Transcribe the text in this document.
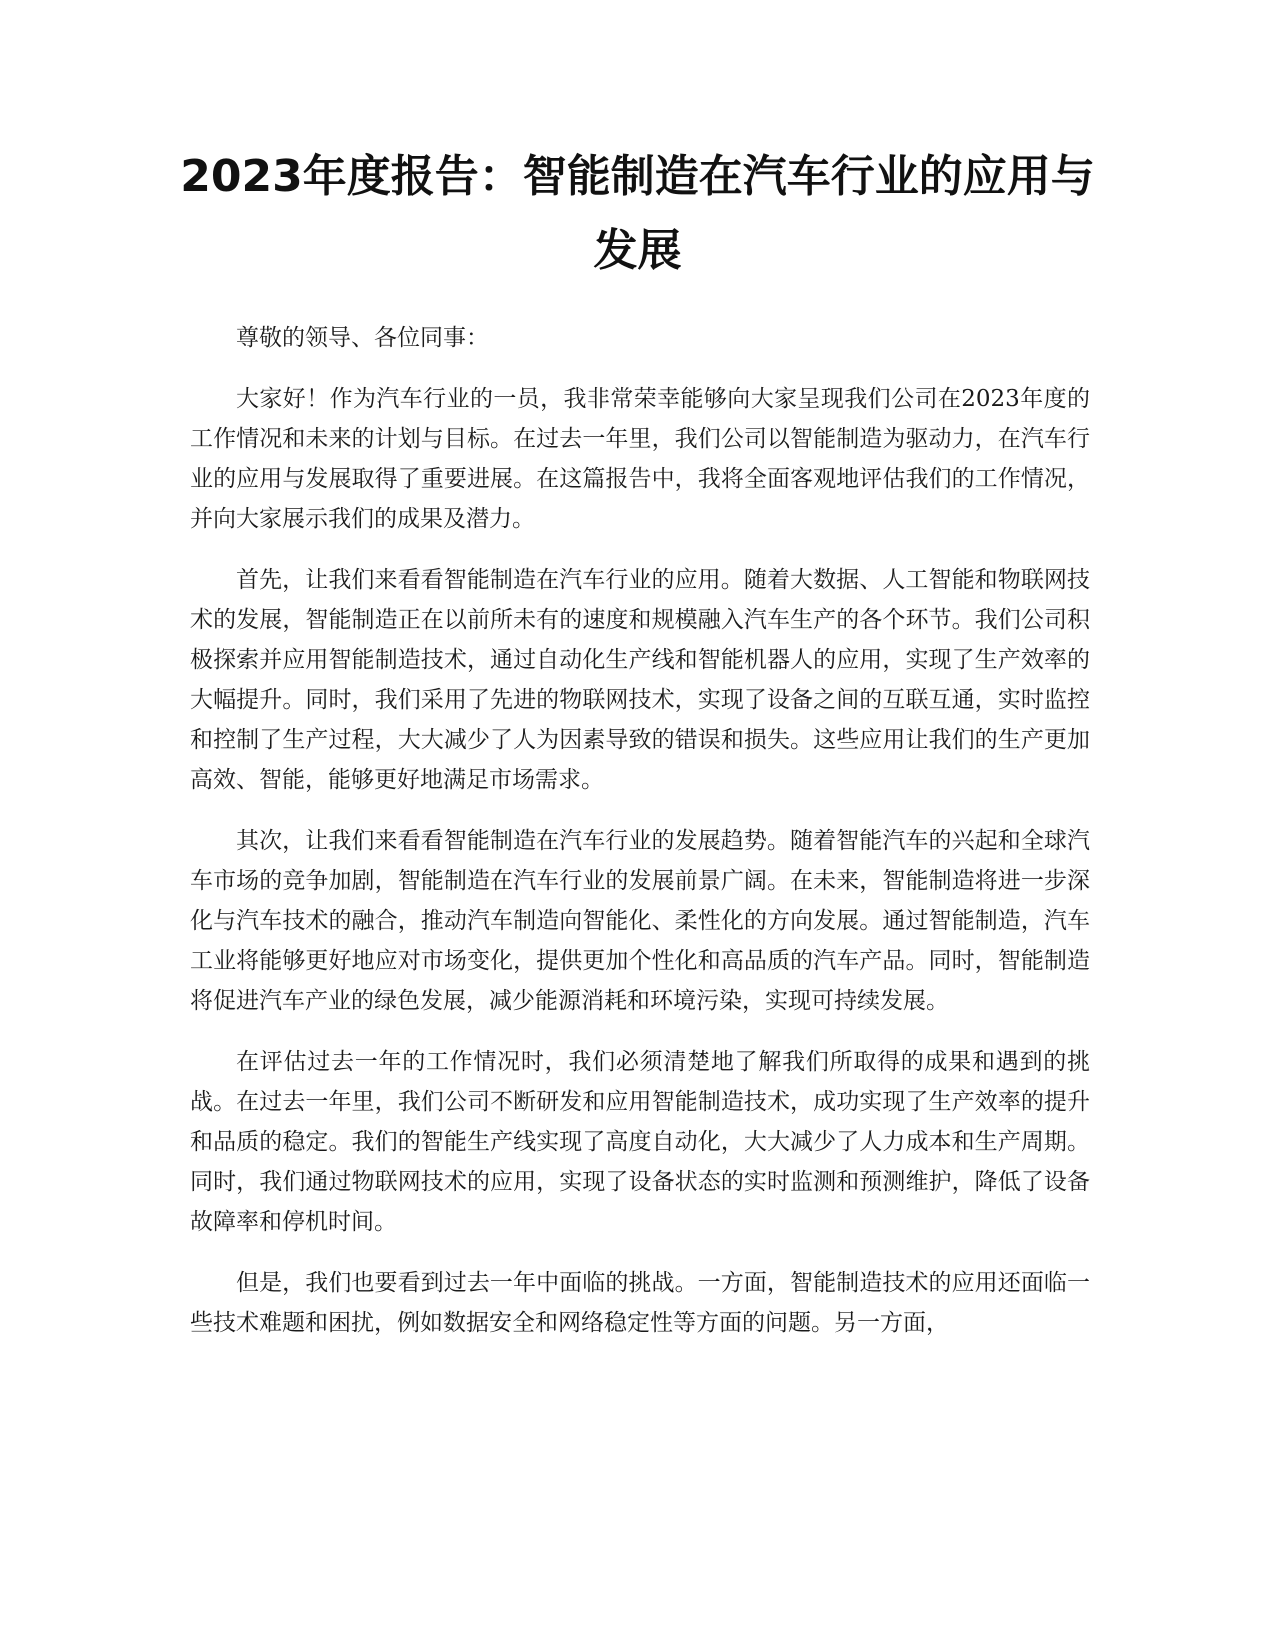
2023年度报告：智能制造在汽车行业的应用与发展

尊敬的领导、各位同事：

大家好！作为汽车行业的一员，我非常荣幸能够向大家呈现我们公司在2023年度的工作情况和未来的计划与目标。在过去一年里，我们公司以智能制造为驱动力，在汽车行业的应用与发展取得了重要进展。在这篇报告中，我将全面客观地评估我们的工作情况，并向大家展示我们的成果及潜力。

首先，让我们来看看智能制造在汽车行业的应用。随着大数据、人工智能和物联网技术的发展，智能制造正在以前所未有的速度和规模融入汽车生产的各个环节。我们公司积极探索并应用智能制造技术，通过自动化生产线和智能机器人的应用，实现了生产效率的大幅提升。同时，我们采用了先进的物联网技术，实现了设备之间的互联互通，实时监控和控制了生产过程，大大减少了人为因素导致的错误和损失。这些应用让我们的生产更加高效、智能，能够更好地满足市场需求。

其次，让我们来看看智能制造在汽车行业的发展趋势。随着智能汽车的兴起和全球汽车市场的竞争加剧，智能制造在汽车行业的发展前景广阔。在未来，智能制造将进一步深化与汽车技术的融合，推动汽车制造向智能化、柔性化的方向发展。通过智能制造，汽车工业将能够更好地应对市场变化，提供更加个性化和高品质的汽车产品。同时，智能制造将促进汽车产业的绿色发展，减少能源消耗和环境污染，实现可持续发展。

在评估过去一年的工作情况时，我们必须清楚地了解我们所取得的成果和遇到的挑战。在过去一年里，我们公司不断研发和应用智能制造技术，成功实现了生产效率的提升和品质的稳定。我们的智能生产线实现了高度自动化，大大减少了人力成本和生产周期。同时，我们通过物联网技术的应用，实现了设备状态的实时监测和预测维护，降低了设备故障率和停机时间。

但是，我们也要看到过去一年中面临的挑战。一方面，智能制造技术的应用还面临一些技术难题和困扰，例如数据安全和网络稳定性等方面的问题。另一方面，
